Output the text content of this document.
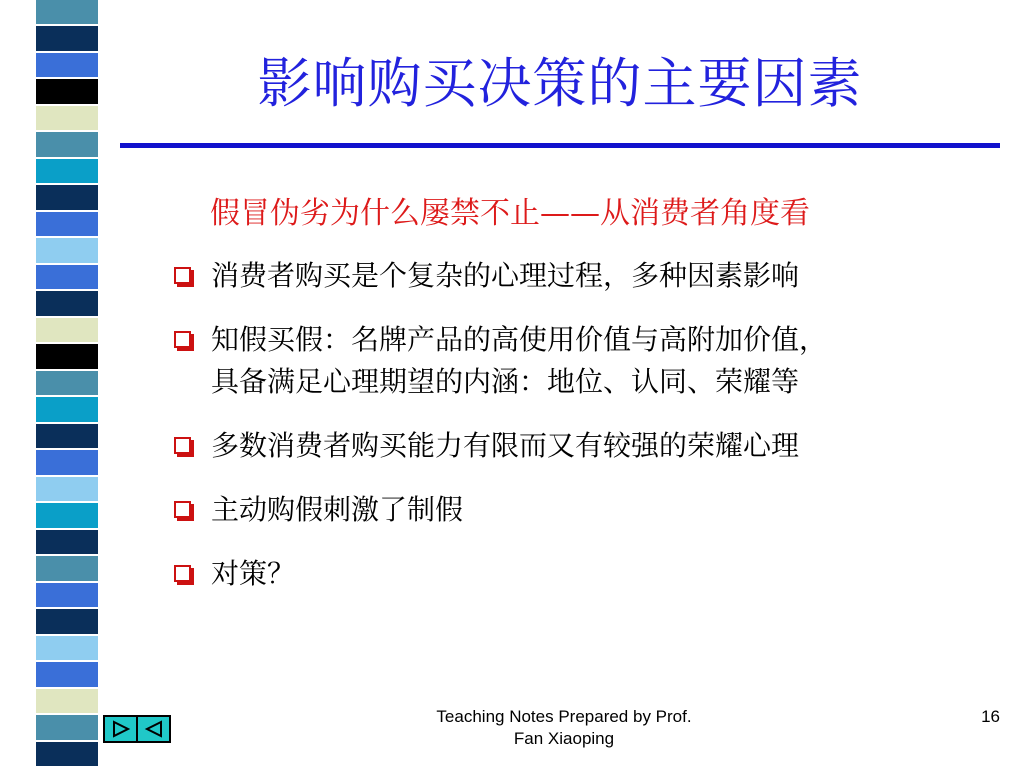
影响购买决策的主要因素
假冒伪劣为什么屡禁不止——从消费者角度看
消费者购买是个复杂的心理过程，多种因素影响
知假买假：名牌产品的高使用价值与高附加价值，
具备满足心理期望的内涵：地位、认同、荣耀等
多数消费者购买能力有限而又有较强的荣耀心理
主动购假刺激了制假
对策？
Teaching Notes Prepared by Prof.
Fan Xiaoping
16
